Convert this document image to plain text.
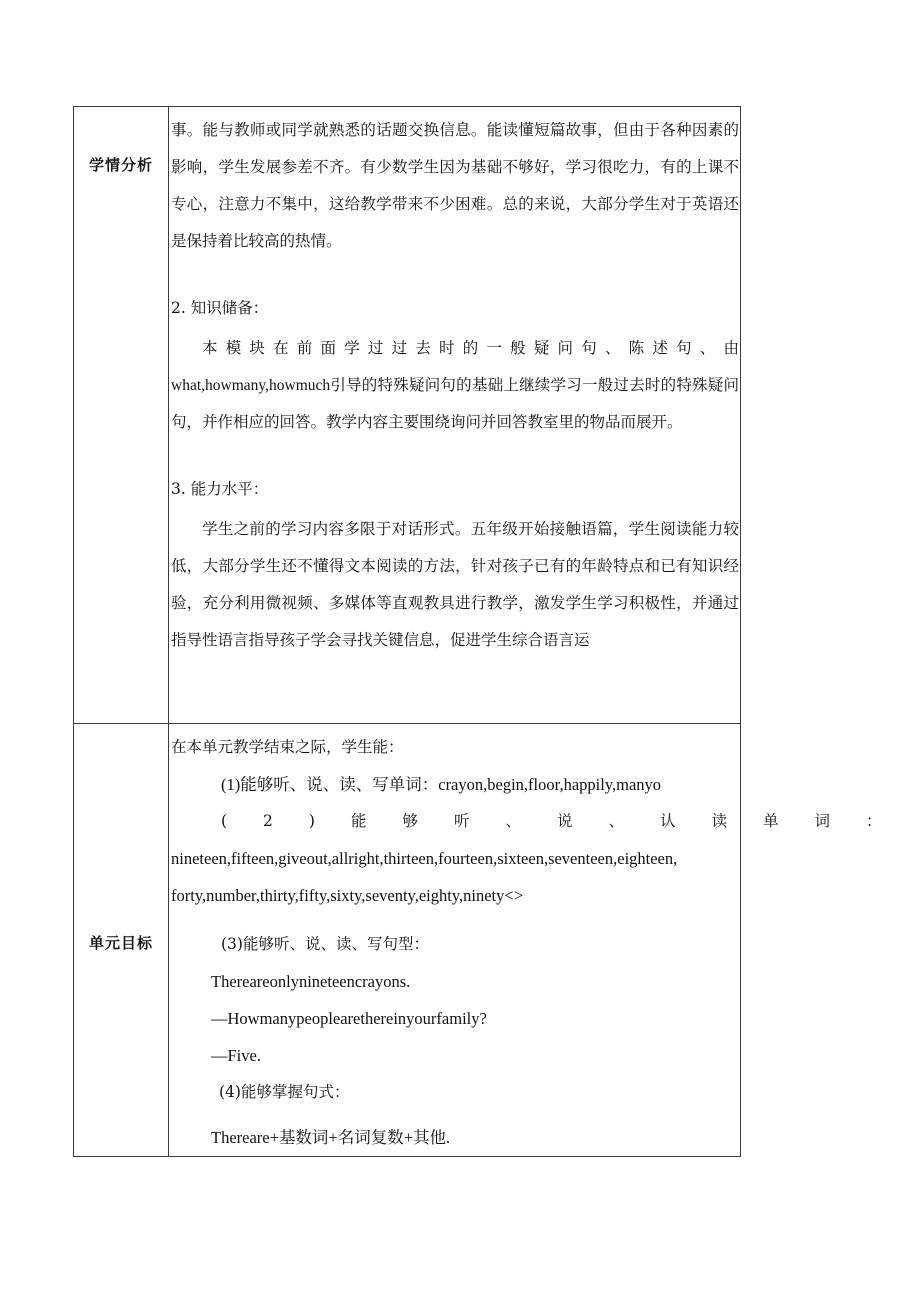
学情分析

事。能与教师或同学就熟悉的话题交换信息。能读懂短篇故事，但由于各种因素的影响，学生发展参差不齐。有少数学生因为基础不够好，学习很吃力，有的上课不专心，注意力不集中，这给教学带来不少困难。总的来说，大部分学生对于英语还是保持着比较高的热情。

2. 知识储备：

本模块在前面学过过去时的一般疑问句、陈述句、由

what,howmany,howmuch引导的特殊疑问句的基础上继续学习一般过去时的特殊疑问句，并作相应的回答。教学内容主要围绕询问并回答教室里的物品而展开。

3. 能力水平：

学生之前的学习内容多限于对话形式。五年级开始接触语篇，学生阅读能力较低，大部分学生还不懂得文本阅读的方法，针对孩子已有的年龄特点和已有知识经验，充分利用微视频、多媒体等直观教具进行教学，激发学生学习积极性，并通过指导性语言指导孩子学会寻找关键信息，促进学生综合语言运

单元目标

在本单元教学结束之际，学生能：

(1)能够听、说、读、写单词：crayon,begin,floor,happily,manyo

(2)能够听、说、认读单词：

nineteen,fifteen,giveout,allright,thirteen,fourteen,sixteen,seventeen,eighteen,

forty,number,thirty,fifty,sixty,seventy,eighty,ninety<>

(3)能够听、说、读、写句型：

Thereareonlynineteencrayons.

—Howmanypeoplearethereinyourfamily?

—Five.

(4)能够掌握句式：

Thereare+基数词+名词复数+其他.
